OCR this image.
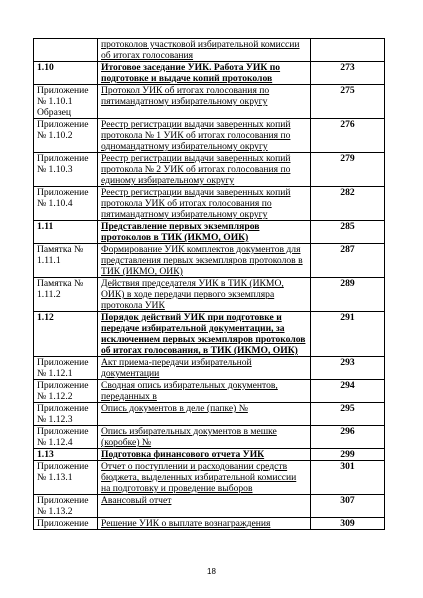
	протоколов участковой избирательной комиссии об итогах голосования	
1.10	Итоговое заседание УИК. Работа УИК по подготовке и выдаче копий протоколов	273
Приложение № 1.10.1 Образец	Протокол УИК об итогах голосования по пятимандатному избирательному округу	275
Приложение № 1.10.2	Реестр регистрации выдачи заверенных копий протокола № 1 УИК об итогах голосования по одномандатному избирательному округу	276
Приложение № 1.10.3	Реестр регистрации выдачи заверенных копий протокола № 2 УИК об итогах голосования по единому избирательному округу	279
Приложение № 1.10.4	Реестр регистрации выдачи заверенных копий протокола УИК об итогах голосования по пятимандатному избирательному округу	282
1.11	Представление первых экземпляров протоколов в ТИК (ИКМО, ОИК)	285
Памятка № 1.11.1	Формирование УИК комплектов документов для представления первых экземпляров протоколов в ТИК (ИКМО, ОИК)	287
Памятка № 1.11.2	Действия председателя УИК в ТИК (ИКМО, ОИК) в ходе передачи первого экземпляра протокола УИК	289
1.12	Порядок действий УИК при подготовке и передаче избирательной документации, за исключением первых экземпляров протоколов об итогах голосования, в ТИК (ИКМО, ОИК)	291
Приложение № 1.12.1	Акт приема-передачи избирательной документации	293
Приложение № 1.12.2	Сводная опись избирательных документов, переданных в	294
Приложение № 1.12.3	Опись документов в деле (папке) №	295
Приложение № 1.12.4	Опись избирательных документов в мешке (коробке) №	296
1.13	Подготовка финансового отчета УИК	299
Приложение № 1.13.1	Отчет о поступлении и расходовании средств бюджета, выделенных избирательной комиссии на подготовку и проведение выборов	301
Приложение № 1.13.2	Авансовый отчет	307
Приложение	Решение УИК о выплате вознаграждения	309
18
